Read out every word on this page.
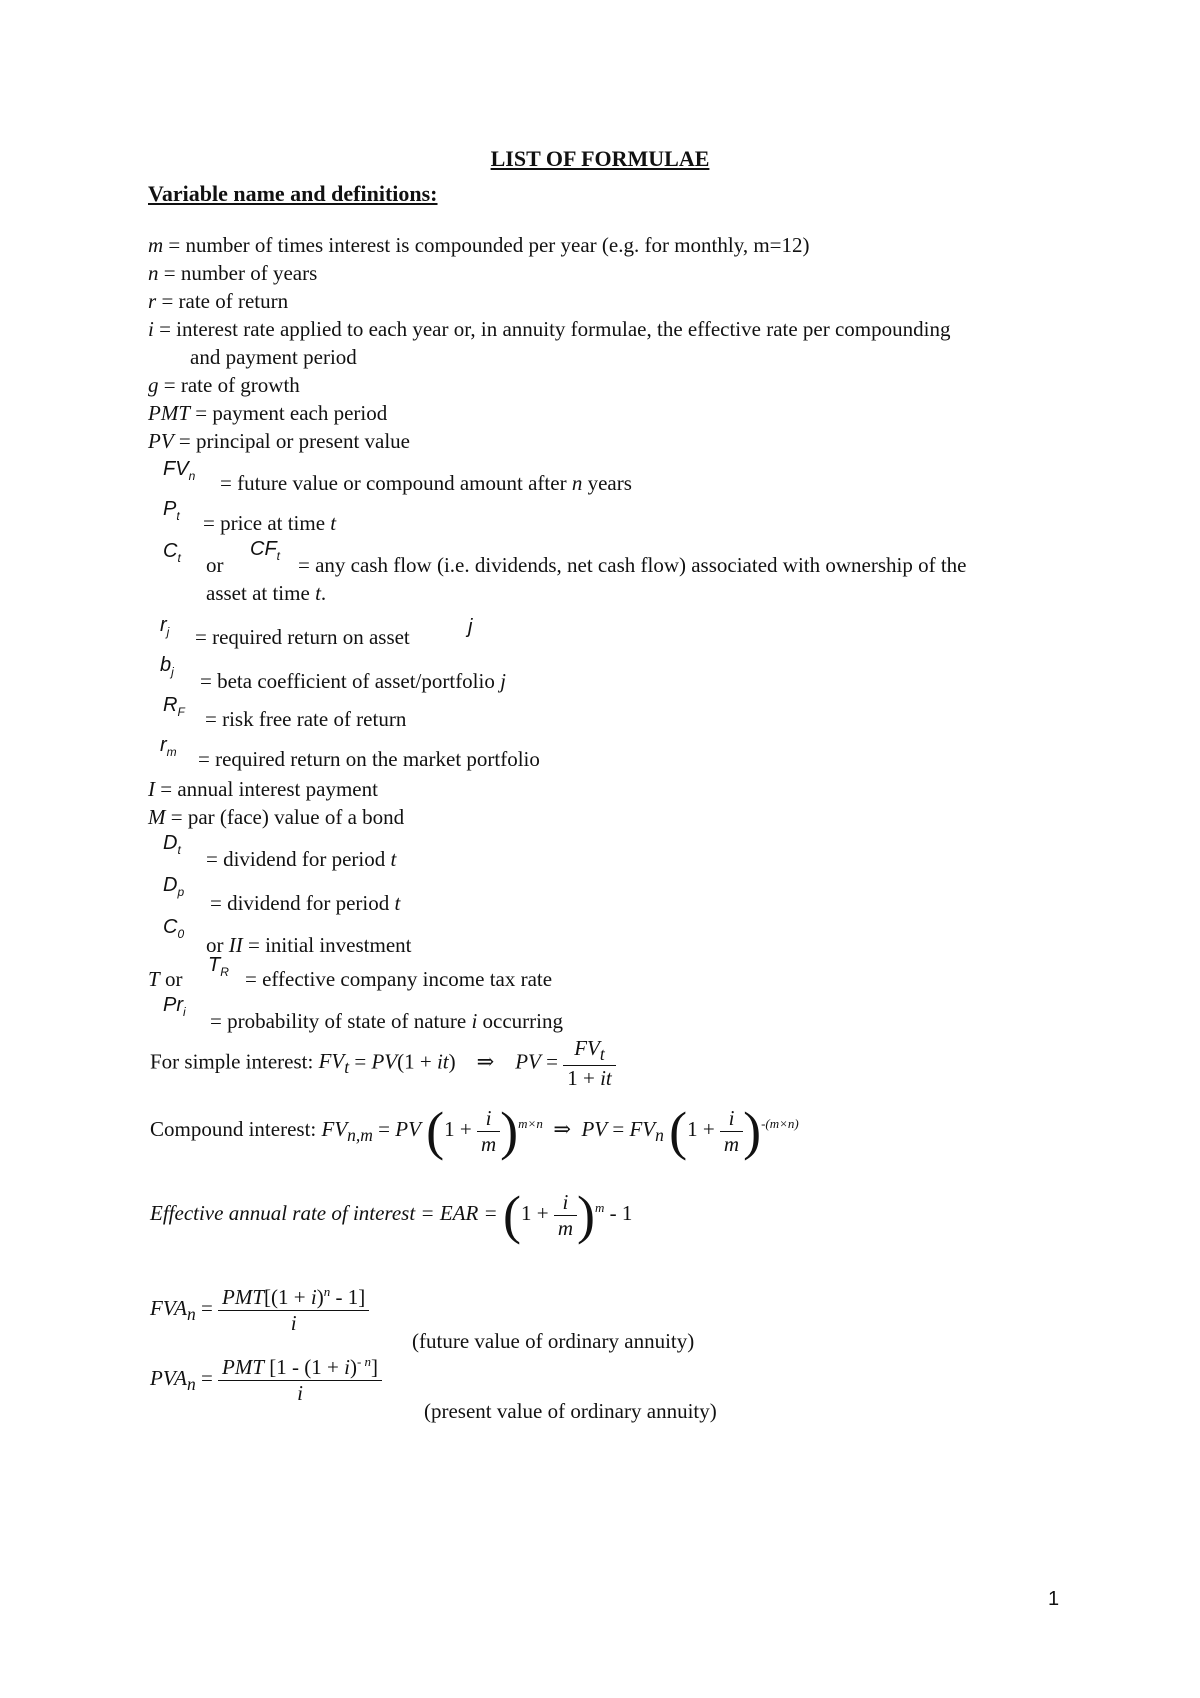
LIST OF FORMULAE
Variable name and definitions:
m = number of times interest is compounded per year (e.g. for monthly, m=12)
n = number of years
r = rate of return
i = interest rate applied to each year or, in annuity formulae, the effective rate per compounding
and payment period
g = rate of growth
PMT = payment each period
PV = principal or present value
$FV_n$ = future value or compound amount after n years
$P_t$ = price at time t
$C_t$ or
$CF_t$ = any cash flow (i.e. dividends, net cash flow) associated with ownership of the
asset at time t.
$r_j$ = required return on asset	j
$b_j$ = beta coefficient of asset/portfolio j
$R_F$ = risk free rate of return
$r_m$ = required return on the market portfolio
I = annual interest payment
M = par (face) value of a bond
$D_t$ = dividend for period t
$D_p$ = dividend for period t
$C_0$ or II = initial investment
T or
$T_R$ = effective company income tax rate
$Pr_i$ = probability of state of nature i occurring
For simple interest: $FV_t = PV(1 + it)$    ⇒    PV = $\frac{FV_t}{1 + it}$
Compound interest: $FV_{n,m}$ = PV $(1 + \frac{i}{m} )^{m\times n}$  ⇒  PV = $FV_n$ $(1 + \frac{i}{m} )^{-(m\times n)}$
Effective annual rate of interest = EAR = $(1 + \frac{i}{m} )^m - 1$
$FVA_n = \frac{PMT[(1 + i)^n - 1]}{i}$
(future value of ordinary annuity)
$PVA_n = \frac{PMT [1 - (1 + i)^{- n}]}{i}$
(present value of ordinary annuity)
1
